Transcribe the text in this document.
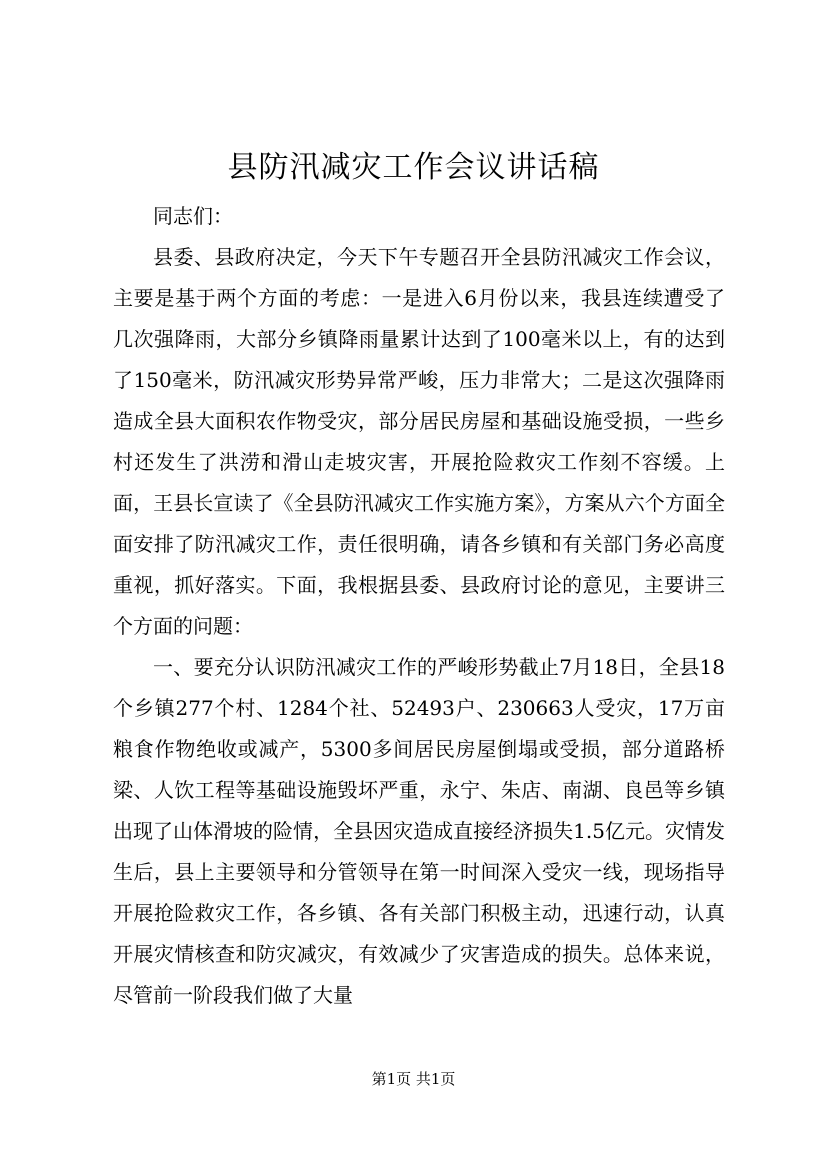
县防汛减灾工作会议讲话稿

同志们：

县委、县政府决定，今天下午专题召开全县防汛减灾工作会议，主要是基于两个方面的考虑：一是进入6月份以来，我县连续遭受了几次强降雨，大部分乡镇降雨量累计达到了100毫米以上，有的达到了150毫米，防汛减灾形势异常严峻，压力非常大；二是这次强降雨造成全县大面积农作物受灾，部分居民房屋和基础设施受损，一些乡村还发生了洪涝和滑山走坡灾害，开展抢险救灾工作刻不容缓。上面，王县长宣读了《全县防汛减灾工作实施方案》，方案从六个方面全面安排了防汛减灾工作，责任很明确，请各乡镇和有关部门务必高度重视，抓好落实。下面，我根据县委、县政府讨论的意见，主要讲三个方面的问题：

一、要充分认识防汛减灾工作的严峻形势截止7月18日，全县18个乡镇277个村、1284个社、52493户、230663人受灾，17万亩粮食作物绝收或减产，5300多间居民房屋倒塌或受损，部分道路桥梁、人饮工程等基础设施毁坏严重，永宁、朱店、南湖、良邑等乡镇出现了山体滑坡的险情，全县因灾造成直接经济损失1.5亿元。灾情发生后，县上主要领导和分管领导在第一时间深入受灾一线，现场指导开展抢险救灾工作，各乡镇、各有关部门积极主动，迅速行动，认真开展灾情核查和防灾减灾，有效减少了灾害造成的损失。总体来说，尽管前一阶段我们做了大量

第1页 共1页
